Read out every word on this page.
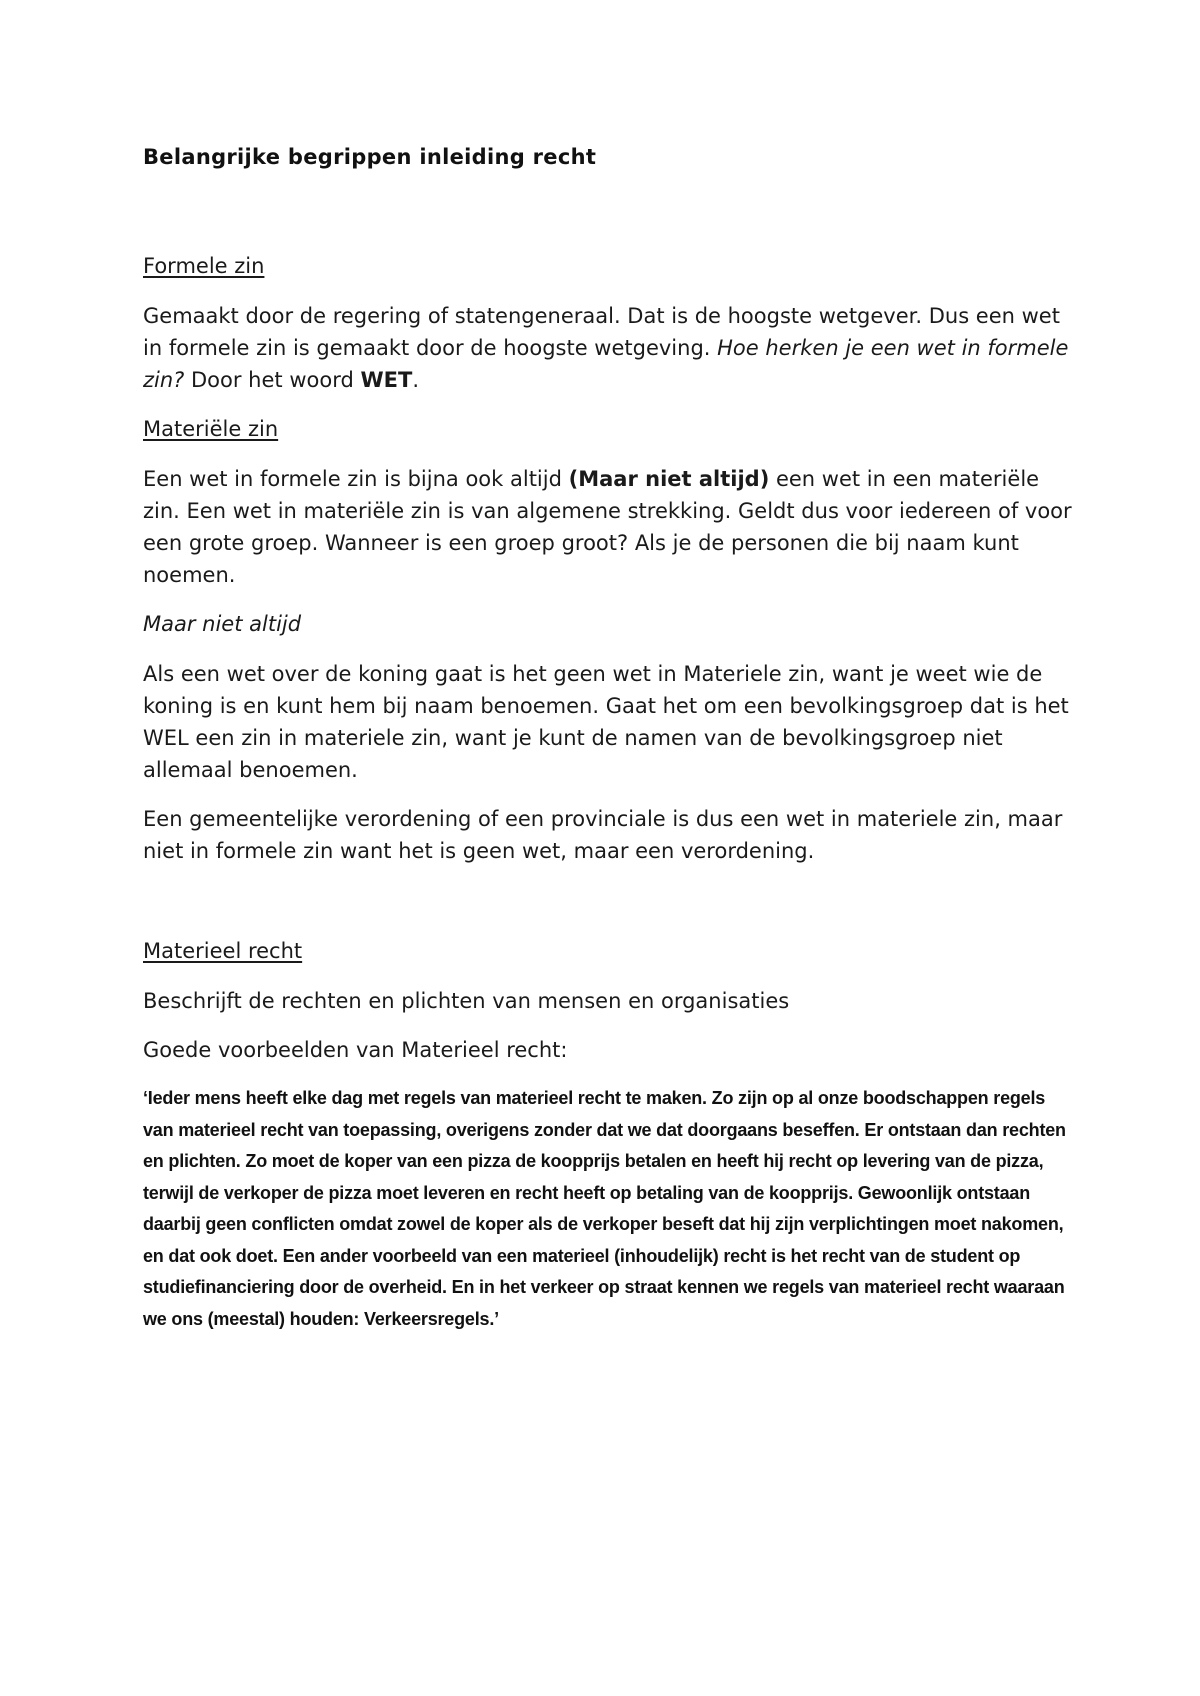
Belangrijke begrippen inleiding recht
Formele zin

Gemaakt door de regering of statengeneraal. Dat is de hoogste wetgever. Dus een wet in formele zin is gemaakt door de hoogste wetgeving. Hoe herken je een wet in formele zin? Door het woord WET.

Materiële zin

Een wet in formele zin is bijna ook altijd (Maar niet altijd) een wet in een materiële zin. Een wet in materiële zin is van algemene strekking. Geldt dus voor iedereen of voor een grote groep. Wanneer is een groep groot? Als je de personen die bij naam kunt noemen.

Maar niet altijd

Als een wet over de koning gaat is het geen wet in Materiele zin, want je weet wie de koning is en kunt hem bij naam benoemen. Gaat het om een bevolkingsgroep dat is het WEL een zin in materiele zin, want je kunt de namen van de bevolkingsgroep niet allemaal benoemen.

Een gemeentelijke verordening of een provinciale is dus een wet in materiele zin, maar niet in formele zin want het is geen wet, maar een verordening.

Materieel recht

Beschrijft de rechten en plichten van mensen en organisaties

Goede voorbeelden van Materieel recht:

‘Ieder mens heeft elke dag met regels van materieel recht te maken. Zo zijn op al onze boodschappen regels van materieel recht van toepassing, overigens zonder dat we dat doorgaans beseffen. Er ontstaan dan rechten en plichten. Zo moet de koper van een pizza de koopprijs betalen en heeft hij recht op levering van de pizza, terwijl de verkoper de pizza moet leveren en recht heeft op betaling van de koopprijs. Gewoonlijk ontstaan daarbij geen conflicten omdat zowel de koper als de verkoper beseft dat hij zijn verplichtingen moet nakomen, en dat ook doet. Een ander voorbeeld van een materieel (inhoudelijk) recht is het recht van de student op studiefinanciering door de overheid. En in het verkeer op straat kennen we regels van materieel recht waaraan we ons (meestal) houden: Verkeersregels.’
